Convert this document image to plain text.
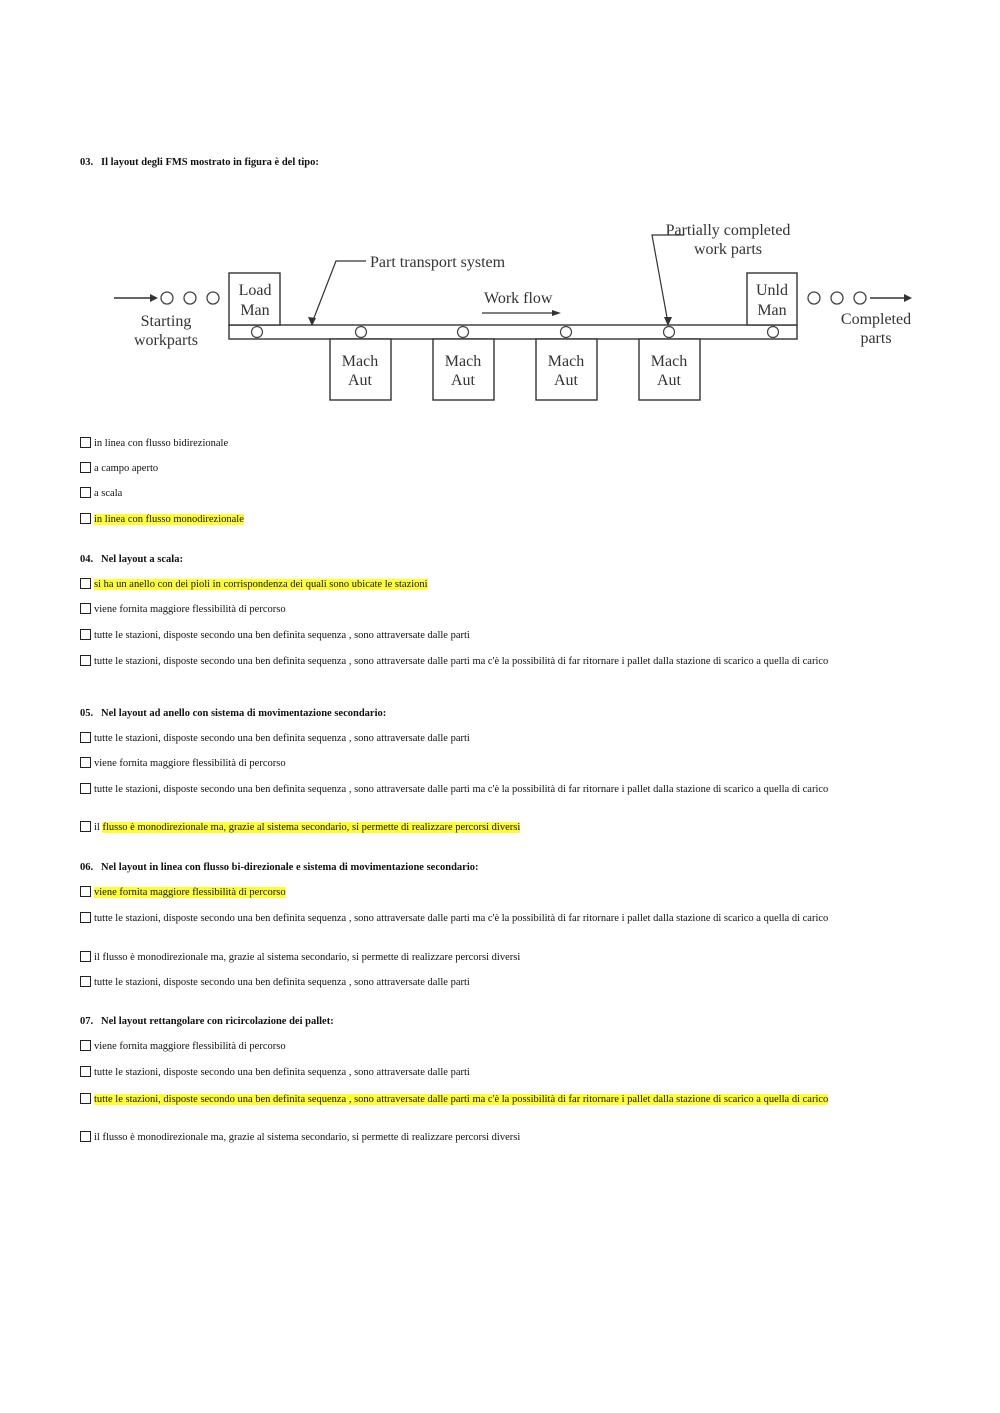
03. Il layout degli FMS mostrato in figura è del tipo:

Starting
workparts
Load
Man
Unld
Man
Mach
Aut
Mach
Aut
Mach
Aut
Mach
Aut
Part transport system
Work flow
Partially completed
work parts
Completed
parts

in linea con flusso bidirezionale

a campo aperto

a scala

in linea con flusso monodirezionale

04. Nel layout a scala:

si ha un anello con dei pioli in corrispondenza dei quali sono ubicate le stazioni

viene fornita maggiore flessibilità di percorso

tutte le stazioni, disposte secondo una ben definita sequenza , sono attraversate dalle parti

tutte le stazioni, disposte secondo una ben definita sequenza , sono attraversate dalle parti ma c'è la possibilità di far ritornare i pallet dalla stazione di scarico a quella di carico

05. Nel layout ad anello con sistema di movimentazione secondario:

tutte le stazioni, disposte secondo una ben definita sequenza , sono attraversate dalle parti

viene fornita maggiore flessibilità di percorso

tutte le stazioni, disposte secondo una ben definita sequenza , sono attraversate dalle parti ma c'è la possibilità di far ritornare i pallet dalla stazione di scarico a quella di carico

il flusso è monodirezionale ma, grazie al sistema secondario, si permette di realizzare percorsi diversi

06. Nel layout in linea con flusso bi-direzionale e sistema di movimentazione secondario:

viene fornita maggiore flessibilità di percorso

tutte le stazioni, disposte secondo una ben definita sequenza , sono attraversate dalle parti ma c'è la possibilità di far ritornare i pallet dalla stazione di scarico a quella di carico

il flusso è monodirezionale ma, grazie al sistema secondario, si permette di realizzare percorsi diversi

tutte le stazioni, disposte secondo una ben definita sequenza , sono attraversate dalle parti

07. Nel layout rettangolare con ricircolazione dei pallet:

viene fornita maggiore flessibilità di percorso

tutte le stazioni, disposte secondo una ben definita sequenza , sono attraversate dalle parti

tutte le stazioni, disposte secondo una ben definita sequenza , sono attraversate dalle parti ma c'è la possibilità di far ritornare i pallet dalla stazione di scarico a quella di carico

il flusso è monodirezionale ma, grazie al sistema secondario, si permette di realizzare percorsi diversi
